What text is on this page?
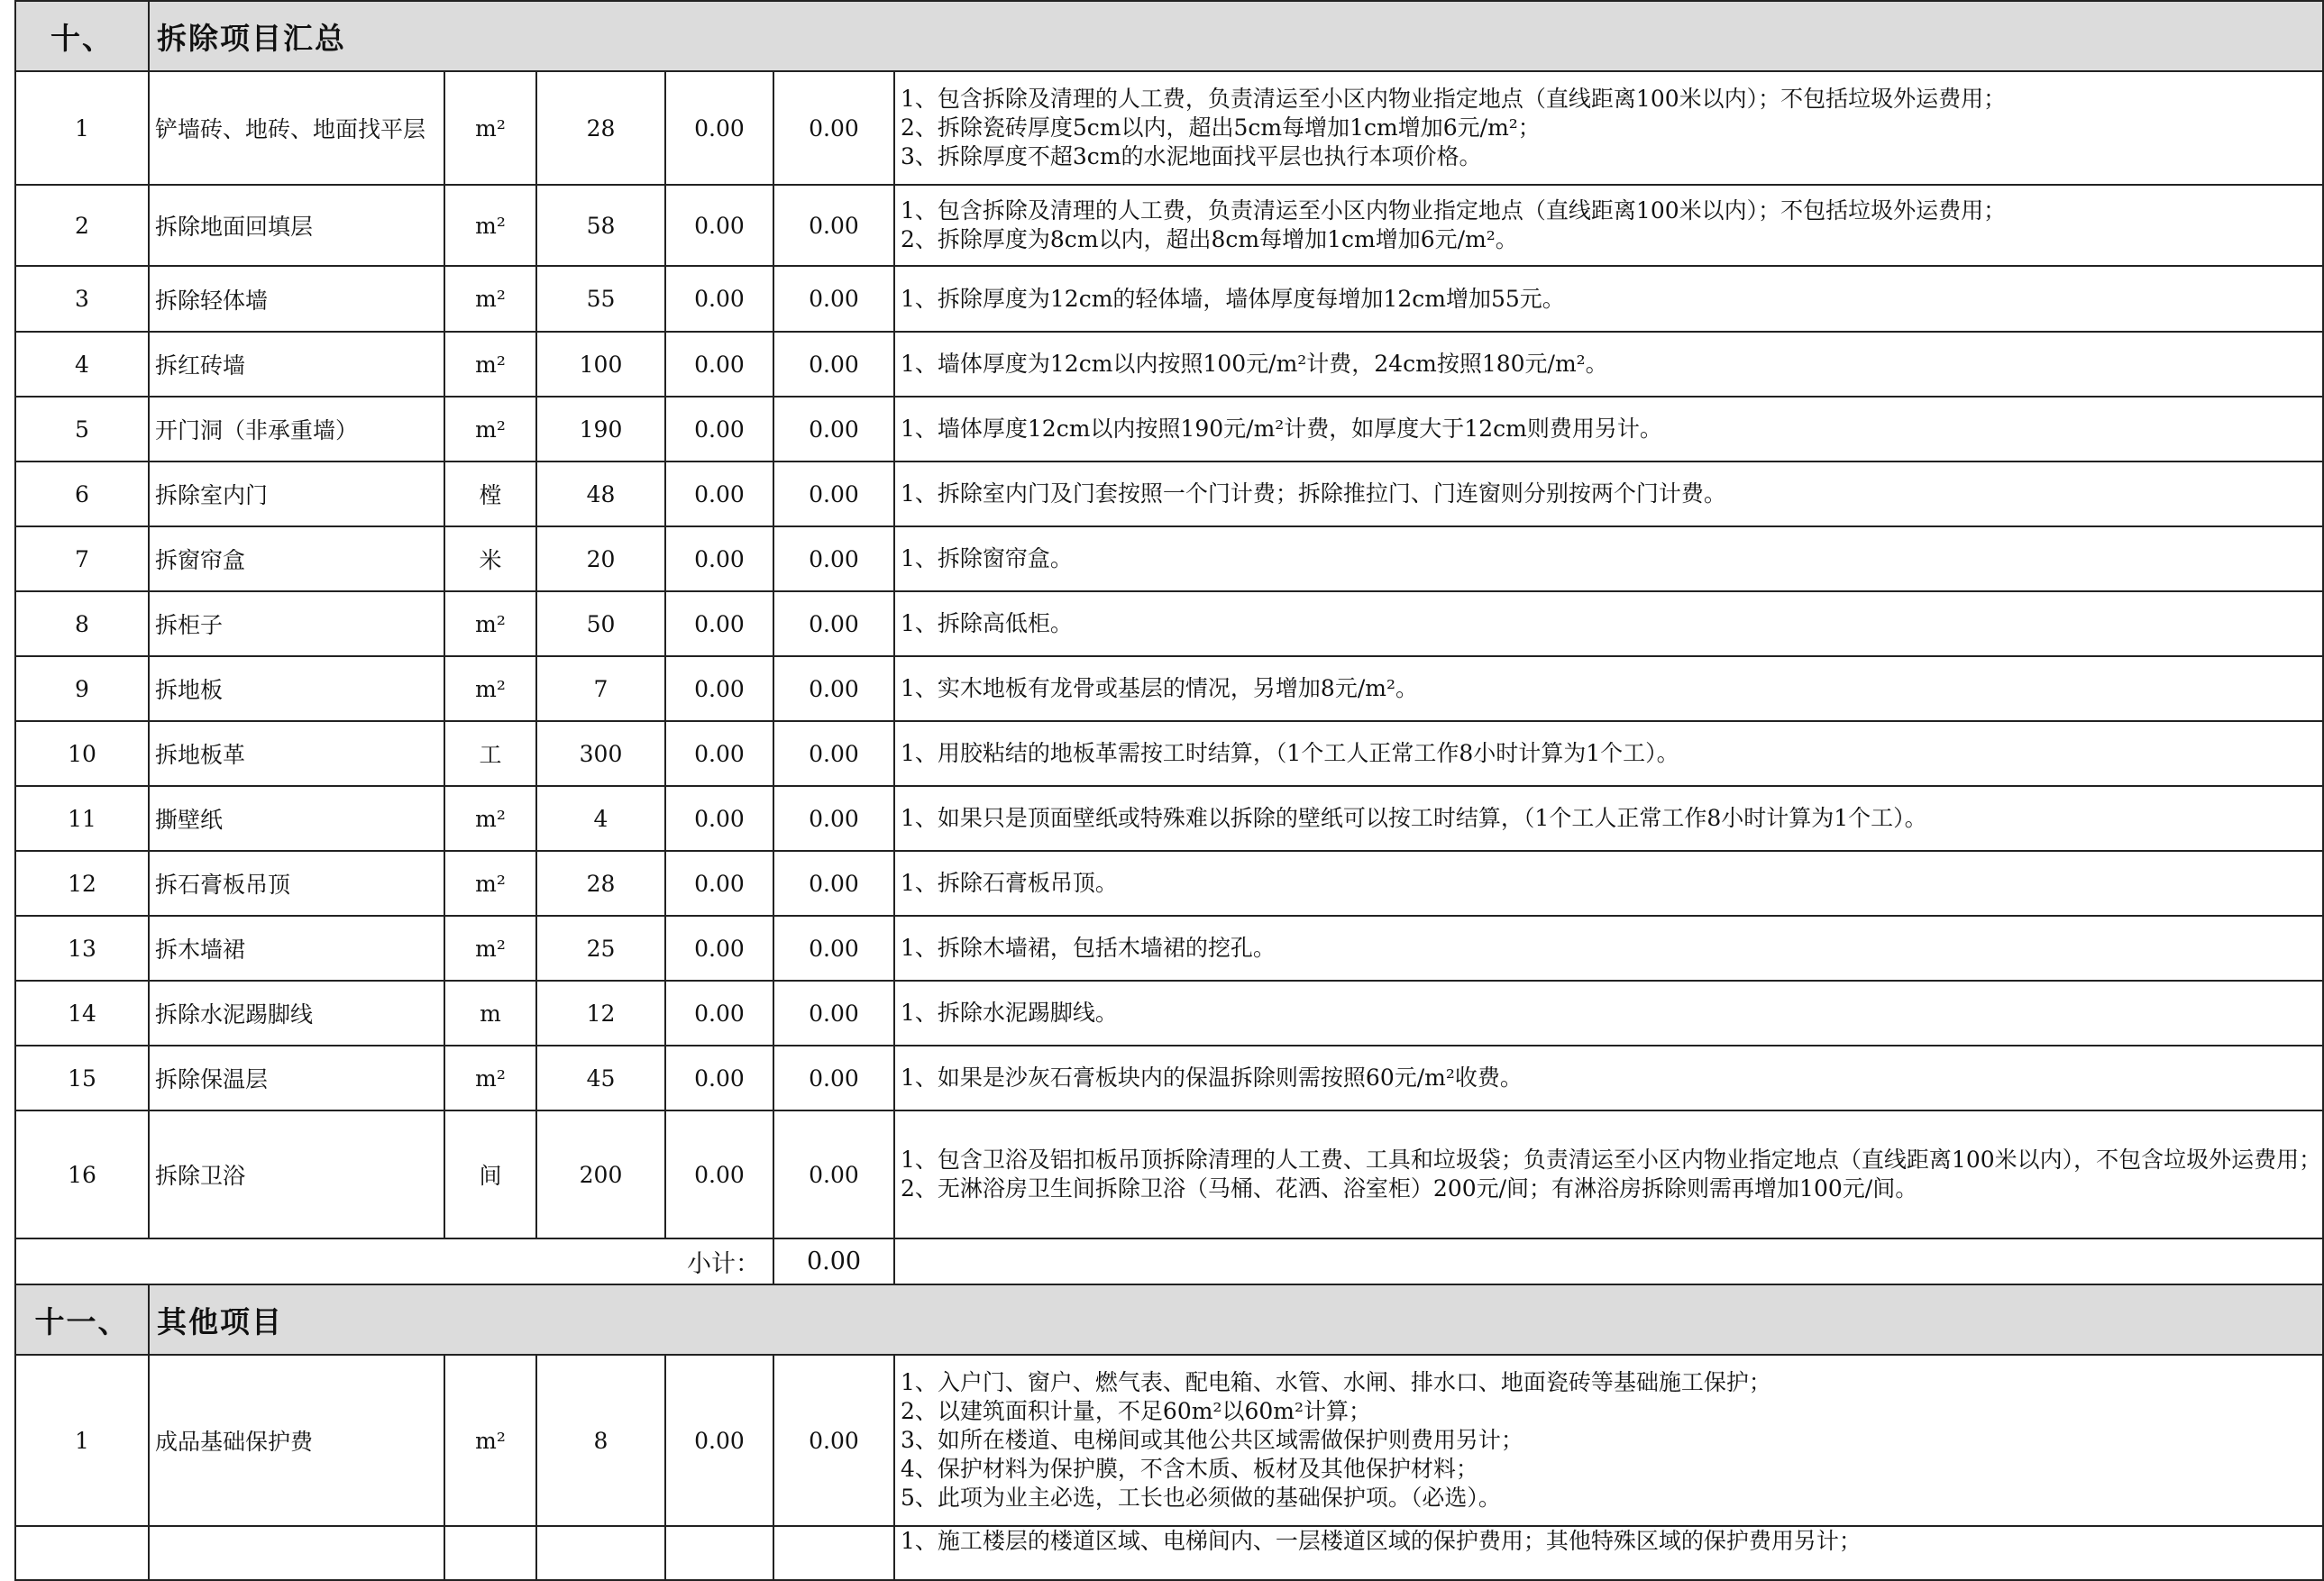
十、	拆除项目汇总					
1	铲墙砖、地砖、地面找平层	m²	28	0.00	0.00	1、包含拆除及清理的人工费，负责清运至小区内物业指定地点（直线距离100米以内）；不包括垃圾外运费用；
2、拆除瓷砖厚度5cm以内，超出5cm每增加1cm增加6元/m²；
3、拆除厚度不超3cm的水泥地面找平层也执行本项价格。

2	拆除地面回填层	m²	58	0.00	0.00	1、包含拆除及清理的人工费，负责清运至小区内物业指定地点（直线距离100米以内）；不包括垃圾外运费用；
2、拆除厚度为8cm以内，超出8cm每增加1cm增加6元/m²。

3	拆除轻体墙	m²	55	0.00	0.00	1、拆除厚度为12cm的轻体墙，墙体厚度每增加12cm增加55元。

4	拆红砖墙	m²	100	0.00	0.00	1、墙体厚度为12cm以内按照100元/m²计费，24cm按照180元/m²。

5	开门洞（非承重墙）	m²	190	0.00	0.00	1、墙体厚度12cm以内按照190元/m²计费，如厚度大于12cm则费用另计。

6	拆除室内门	樘	48	0.00	0.00	1、拆除室内门及门套按照一个门计费；拆除推拉门、门连窗则分别按两个门计费。

7	拆窗帘盒	米	20	0.00	0.00	1、拆除窗帘盒。

8	拆柜子	m²	50	0.00	0.00	1、拆除高低柜。

9	拆地板	m²	7	0.00	0.00	1、实木地板有龙骨或基层的情况，另增加8元/m²。

10	拆地板革	工	300	0.00	0.00	1、用胶粘结的地板革需按工时结算，（1个工人正常工作8小时计算为1个工）。

11	撕壁纸	m²	4	0.00	0.00	1、如果只是顶面壁纸或特殊难以拆除的壁纸可以按工时结算，（1个工人正常工作8小时计算为1个工）。

12	拆石膏板吊顶	m²	28	0.00	0.00	1、拆除石膏板吊顶。

13	拆木墙裙	m²	25	0.00	0.00	1、拆除木墙裙，包括木墙裙的挖孔。

14	拆除水泥踢脚线	m	12	0.00	0.00	1、拆除水泥踢脚线。

15	拆除保温层	m²	45	0.00	0.00	1、如果是沙灰石膏板块内的保温拆除则需按照60元/m²收费。

16	拆除卫浴	间	200	0.00	0.00	1、包含卫浴及铝扣板吊顶拆除清理的人工费、工具和垃圾袋；负责清运至小区内物业指定地点（直线距离100米以内），不包含垃圾外运费用；
2、无淋浴房卫生间拆除卫浴（马桶、花洒、浴室柜）200元/间；有淋浴房拆除则需再增加100元/间。

小计：					0.00	
十一、	其他项目					
1	成品基础保护费	m²	8	0.00	0.00	1、入户门、窗户、燃气表、配电箱、水管、水闸、排水口、地面瓷砖等基础施工保护；
2、以建筑面积计量，不足60m²以60m²计算；
3、如所在楼道、电梯间或其他公共区域需做保护则费用另计；
4、保护材料为保护膜，不含木质、板材及其他保护材料；
5、此项为业主必选，工长也必须做的基础保护项。（必选）。

						1、施工楼层的楼道区域、电梯间内、一层楼道区域的保护费用；其他特殊区域的保护费用另计；
